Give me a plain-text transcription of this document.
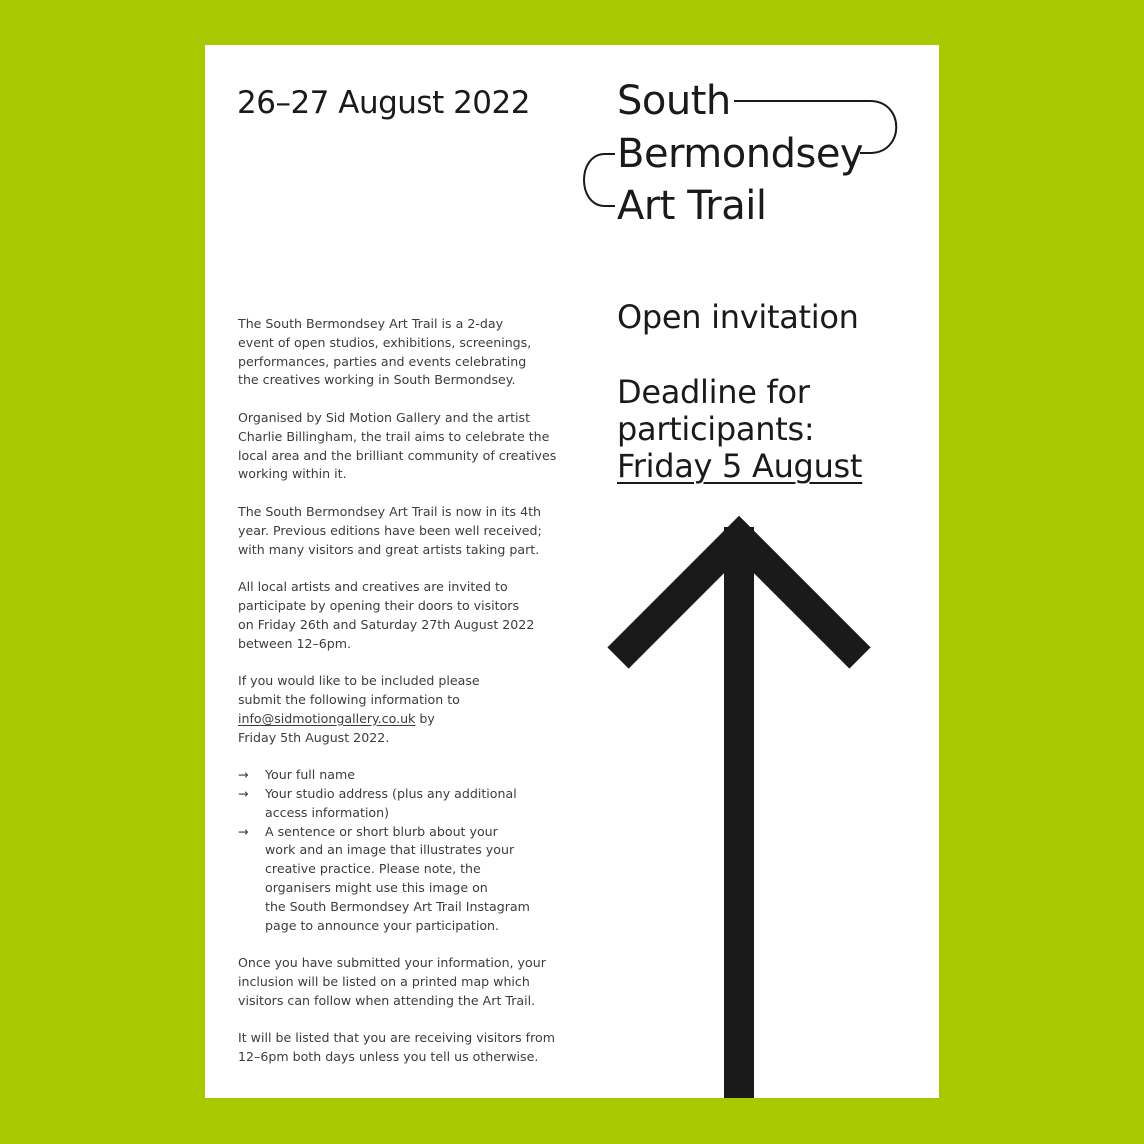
26–27 August 2022 South
Bermondsey
Art Trail
Open invitation
Deadline for
participants:
Friday 5 August

The South Bermondsey Art Trail is a 2-day
event of open studios, exhibitions, screenings,
performances, parties and events celebrating
the creatives working in South Bermondsey.

Organised by Sid Motion Gallery and the artist
Charlie Billingham, the trail aims to celebrate the
local area and the brilliant community of creatives
working within it.

The South Bermondsey Art Trail is now in its 4th
year. Previous editions have been well received;
with many visitors and great artists taking part.

All local artists and creatives are invited to
participate by opening their doors to visitors
on Friday 26th and Saturday 27th August 2022
between 12–6pm.

If you would like to be included please
submit the following information to
info@sidmotiongallery.co.uk by
Friday 5th August 2022.

→ Your full name
→ Your studio address (plus any additional
access information)
→ A sentence or short blurb about your
work and an image that illustrates your
creative practice. Please note, the
organisers might use this image on
the South Bermondsey Art Trail Instagram
page to announce your participation.

Once you have submitted your information, your
inclusion will be listed on a printed map which
visitors can follow when attending the Art Trail.

It will be listed that you are receiving visitors from
12–6pm both days unless you tell us otherwise.
